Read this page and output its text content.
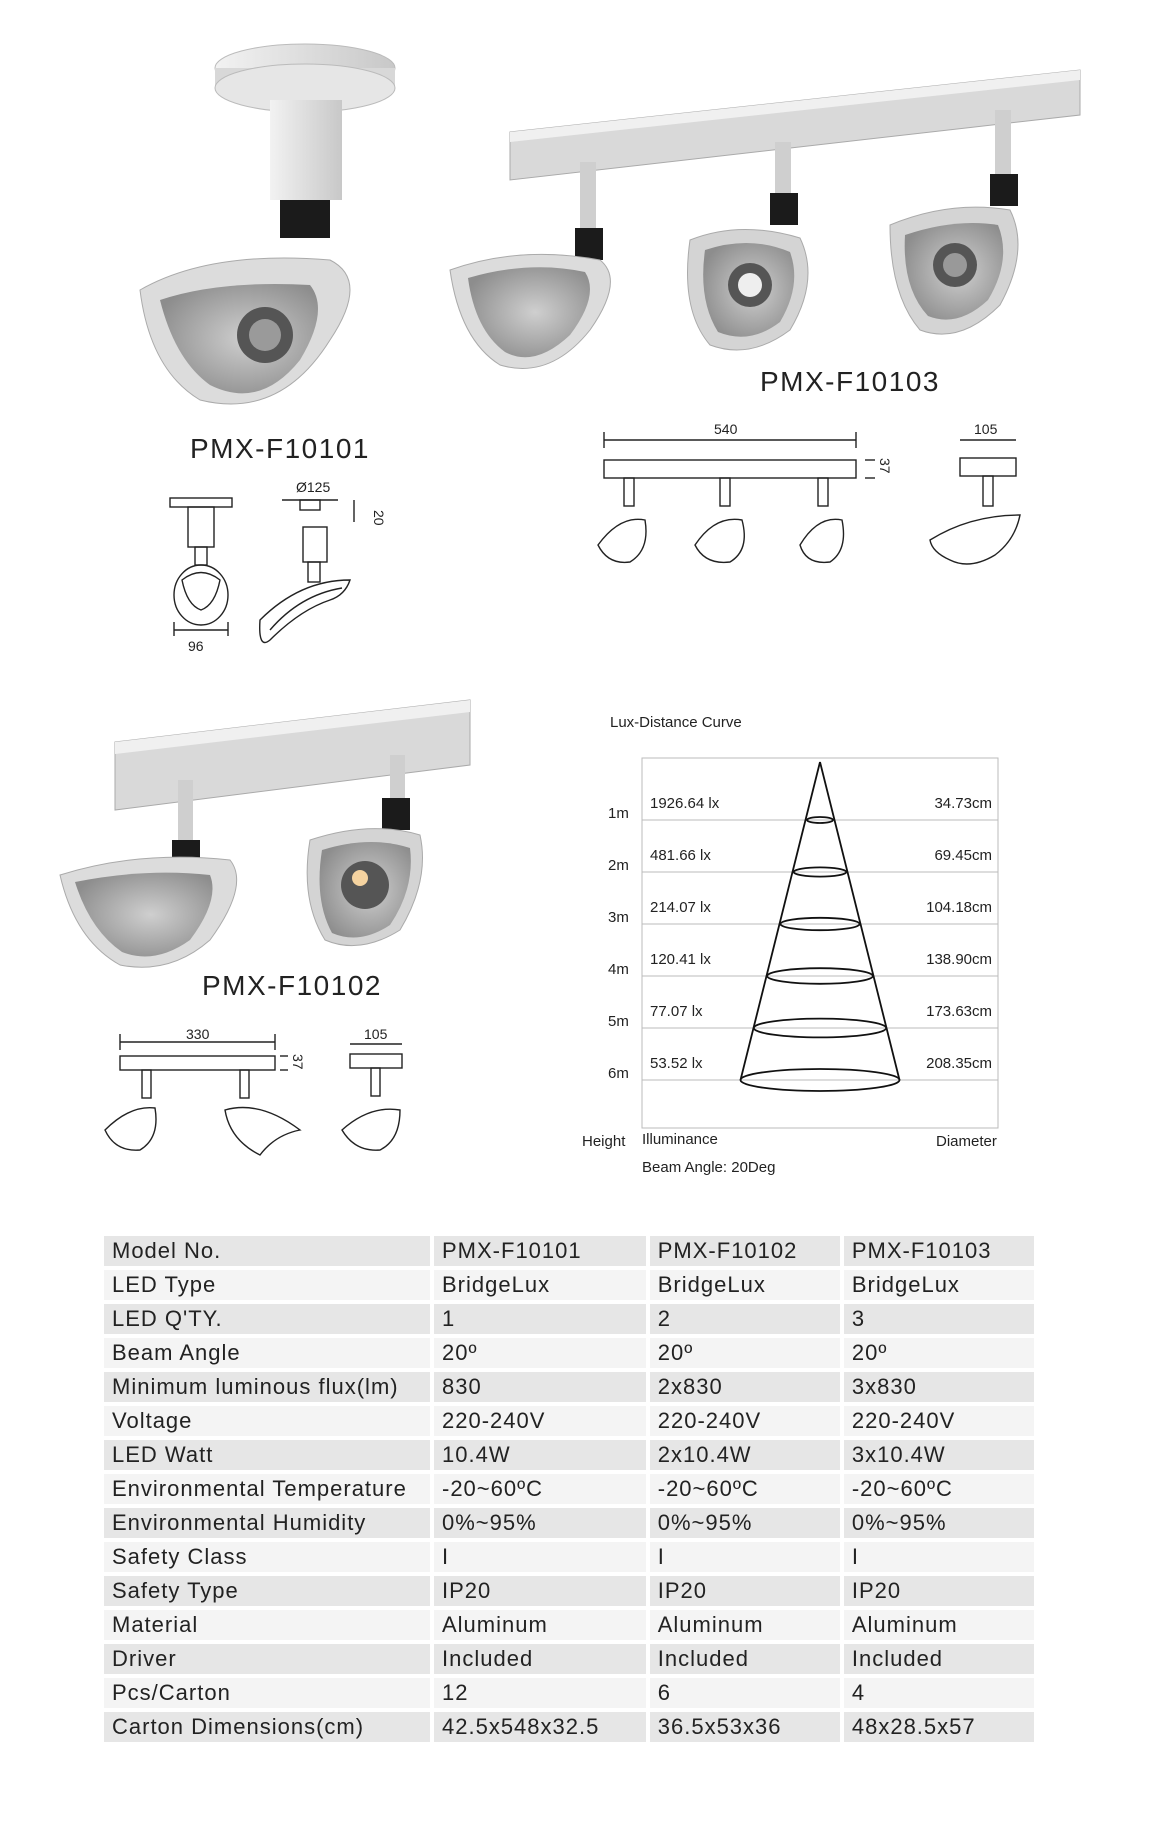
PMX-F10101
PMX-F10103
PMX-F10102
96
Ø125
20
540
37
105
330
37
105
Lux-Distance Curve
1m
1926.64 lx	34.73cm
2m
481.66 lx	69.45cm
3m
214.07 lx	104.18cm
4m
120.41 lx	138.90cm
5m
77.07 lx	173.63cm
6m
53.52 lx	208.35cm
Height Illuminance	Diameter
Beam Angle: 20Deg
Model No.	PMX-F10101	PMX-F10102	PMX-F10103
LED Type	BridgeLux	BridgeLux	BridgeLux
LED Q'TY.	1	2	3
Beam Angle	20º	20º	20º
Minimum luminous flux(lm)	830	2x830	3x830
Voltage	220-240V	220-240V	220-240V
LED Watt	10.4W	2x10.4W	3x10.4W
Environmental Temperature	-20~60ºC	-20~60ºC	-20~60ºC
Environmental Humidity	0%~95%	0%~95%	0%~95%
Safety Class	I	I	I
Safety Type	IP20	IP20	IP20
Material	Aluminum	Aluminum	Aluminum
Driver	Included	Included	Included
Pcs/Carton	12	6	4
Carton Dimensions(cm)	42.5x548x32.5	36.5x53x36	48x28.5x57
